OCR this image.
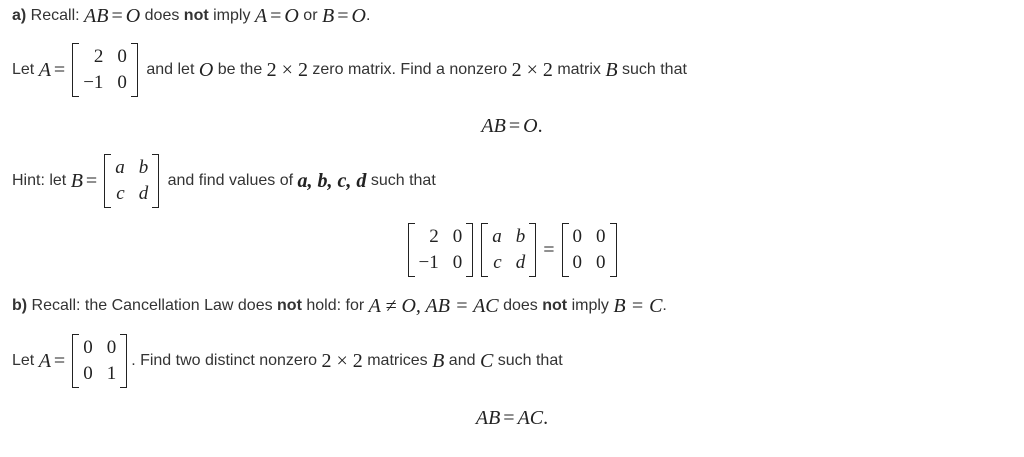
a) Recall: AB = O does not imply A = O or B = O .
Let A =
2 0
−1 0
and let O be the 2 × 2 zero matrix. Find a nonzero 2 × 2 matrix B such that
AB = O .
Hint: let B =
a b
c d
and find values of a, b, c, d such that
2 0
−1 0
a b
c d
=
0 0
0 0
b) Recall: the Cancellation Law does not hold: for A ≠ O, AB = AC does not imply B = C .
Let A =
0 0
0 1
. Find two distinct nonzero 2 × 2 matrices B and C such that
AB = AC .
